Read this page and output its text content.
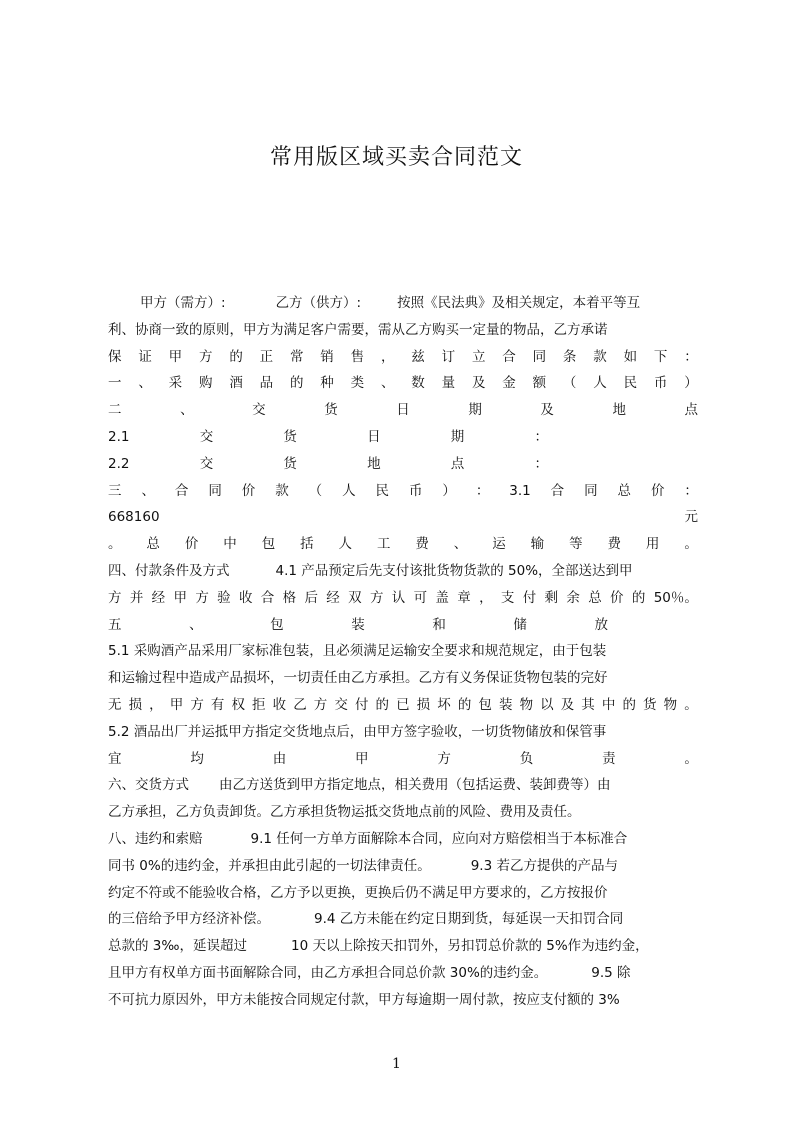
常用版区域买卖合同范文
甲方（需方）:	乙方（供方）:	按照《民法典》及相关规定，本着平等互
利、协商一致的原则，甲方为满足客户需要，需从乙方购买一定量的物品，乙方承诺
保 证 甲 方 的 正 常 销 售 ， 兹 订 立 合 同 条 款 如 下 ：
一 、 采 购 酒 品 的 种 类 、 数 量 及 金 额 （ 人 民 币 ）
二	、	交	货	日	期	及	地	点
2.1	交	货	日	期	：
2.2	交	货	地	点	：
三 、 合 同 价 款 （ 人 民 币 ） ： 3.1 合 同 总 价 ：
668160	元
。 总 价 中 包 括 人 工 费 、 运 输 等 费 用 。
四、付款条件及方式	4.1 产品预定后先支付该批货物货款的 50%，全部送达到甲
方 并 经 甲 方 验 收 合 格 后 经 双 方 认 可 盖 章 ， 支 付 剩 余 总 价 的 50％。
五	、	包	装	和	储	放
5.1 采购酒产品采用厂家标准包装，且必须满足运输安全要求和规范规定，由于包装
和运输过程中造成产品损坏，一切责任由乙方承担。乙方有义务保证货物包装的完好
无 损 ， 甲 方 有 权 拒 收 乙 方 交 付 的 已 损 坏 的 包 装 物 以 及 其 中 的 货 物 。
5.2 酒品出厂并运抵甲方指定交货地点后，由甲方签字验收，一切货物储放和保管事
宜	均	由	甲	方	负	责	。
六、交货方式 由乙方送货到甲方指定地点，相关费用（包括运费、装卸费等）由
乙方承担，乙方负责卸货。乙方承担货物运抵交货地点前的风险、费用及责任。
八、违约和索赔	9.1 任何一方单方面解除本合同，应向对方赔偿相当于本标准合
同书 0%的违约金，并承担由此引起的一切法律责任。	9.3 若乙方提供的产品与
约定不符或不能验收合格，乙方予以更换，更换后仍不满足甲方要求的，乙方按报价
的三倍给予甲方经济补偿。	9.4 乙方未能在约定日期到货，每延误一天扣罚合同
总款的 3‰，延误超过	10 天以上除按天扣罚外，另扣罚总价款的 5%作为违约金，
且甲方有权单方面书面解除合同，由乙方承担合同总价款 30%的违约金。	9.5 除
不可抗力原因外，甲方未能按合同规定付款，甲方每逾期一周付款，按应支付额的 3%
1
